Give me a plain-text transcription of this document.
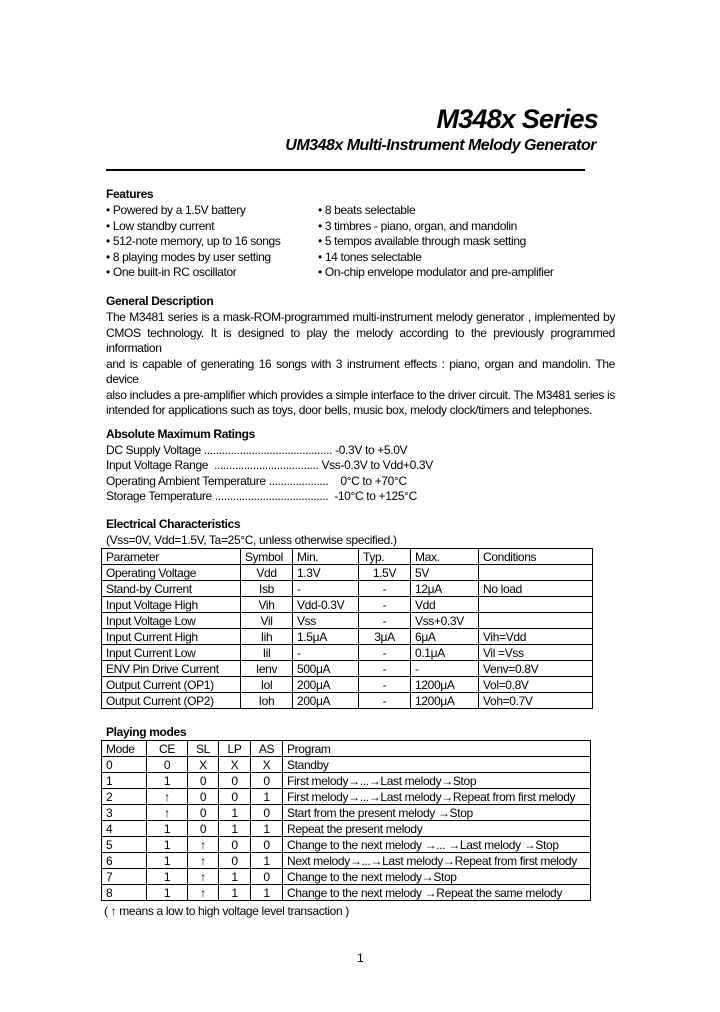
M348x Series
UM348x Multi-Instrument Melody Generator
Features
• Powered by a 1.5V battery
• Low standby current
• 512-note memory, up to 16 songs
• 8 playing modes by user setting
• One built-in RC oscillator
• 8 beats selectable
• 3 timbres - piano, organ, and mandolin
• 5 tempos available through mask setting
• 14 tones selectable
• On-chip envelope modulator and pre-amplifier
General Description
The M3481 series is a mask-ROM-programmed multi-instrument melody generator , implemented by
CMOS technology. It is designed to play the melody according to the previously programmed
information
and is capable of generating 16 songs with 3 instrument effects : piano, organ and mandolin. The
device
also includes a pre-amplifier which provides a simple interface to the driver circuit. The M3481 series is
intended for applications such as toys, door bells, music box, melody clock/timers and telephones.
Absolute Maximum Ratings
DC Supply Voltage ........................................... -0.3V to +5.0V
Input Voltage Range  ................................... Vss-0.3V to Vdd+0.3V
Operating Ambient Temperature ....................    0°C to +70°C
Storage Temperature ......................................  -10°C to +125°C
Electrical Characteristics
(Vss=0V, Vdd=1.5V, Ta=25°C, unless otherwise specified.)
Parameter	Symbol	Min.	Typ.	Max.	Conditions
Operating Voltage	Vdd	1.3V	1.5V	5V	
Stand-by Current	Isb	-	-	12μA	No load
Input Voltage High	Vih	Vdd-0.3V	-	Vdd	
Input Voltage Low	Vil	Vss	-	Vss+0.3V	
Input Current High	Iih	1.5μA	3μA	6μA	Vih=Vdd
Input Current Low	Iil	-	-	0.1μA	Vil =Vss
ENV Pin Drive Current	Ienv	500μA	-	-	Venv=0.8V
Output Current (OP1)	Iol	200μA	-	1200μA	Vol=0.8V
Output Current (OP2)	Ioh	200μA	-	1200μA	Voh=0.7V
Playing modes
Mode	CE	SL	LP	AS	Program
0	0	X	X	X	Standby
1	1	0	0	0	First melody→...→Last melody→Stop
2	↑	0	0	1	First melody→...→Last melody→Repeat from first melody
3	↑	0	1	0	Start from the present melody →Stop
4	1	0	1	1	Repeat the present melody
5	1	↑	0	0	Change to the next melody →... →Last melody →Stop
6	1	↑	0	1	Next melody→...→Last melody→Repeat from first melody
7	1	↑	1	0	Change to the next melody→Stop
8	1	↑	1	1	Change to the next melody →Repeat the same melody
( ↑ means a low to high voltage level transaction )
1
